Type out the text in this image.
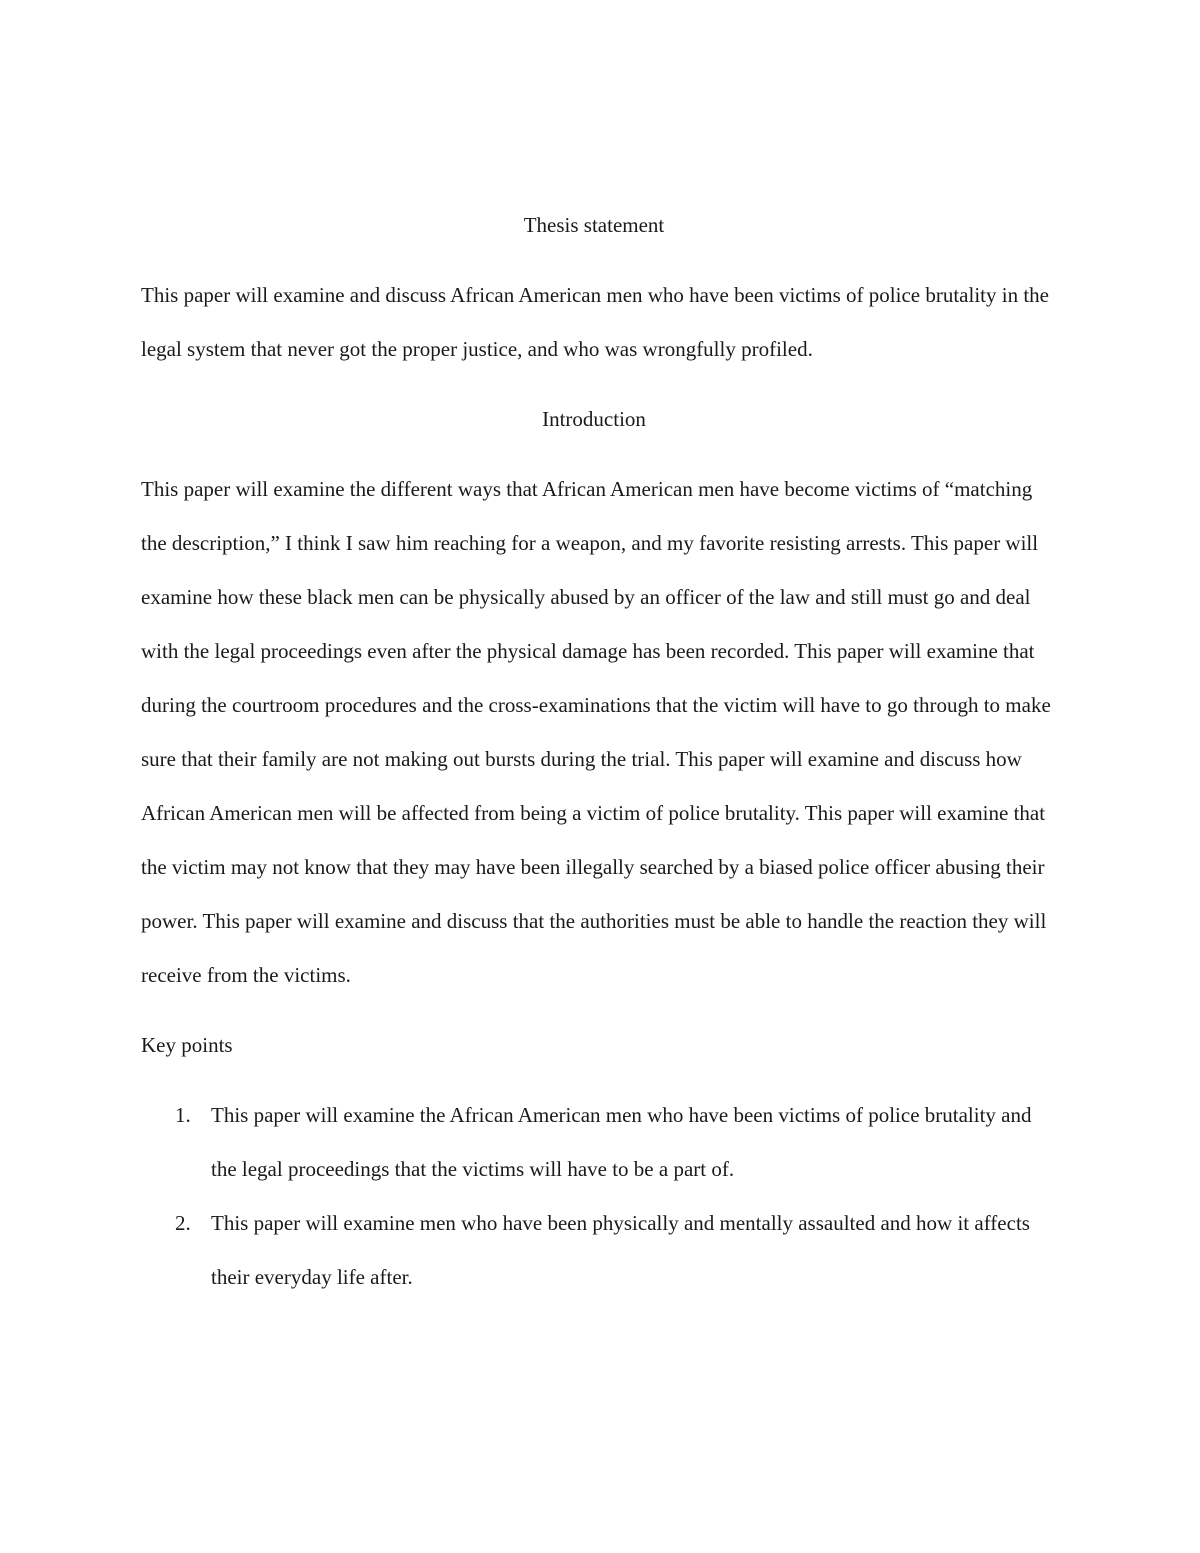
Thesis statement

This paper will examine and discuss African American men who have been victims of police brutality in the legal system that never got the proper justice, and who was wrongfully profiled.

Introduction

This paper will examine the different ways that African American men have become victims of “matching the description,” I think I saw him reaching for a weapon, and my favorite resisting arrests. This paper will examine how these black men can be physically abused by an officer of the law and still must go and deal with the legal proceedings even after the physical damage has been recorded. This paper will examine that during the courtroom procedures and the cross-examinations that the victim will have to go through to make sure that their family are not making out bursts during the trial. This paper will examine and discuss how African American men will be affected from being a victim of police brutality. This paper will examine that the victim may not know that they may have been illegally searched by a biased police officer abusing their power. This paper will examine and discuss that the authorities must be able to handle the reaction they will receive from the victims.

Key points
1. This paper will examine the African American men who have been victims of police brutality and the legal proceedings that the victims will have to be a part of.
2. This paper will examine men who have been physically and mentally assaulted and how it affects their everyday life after.
